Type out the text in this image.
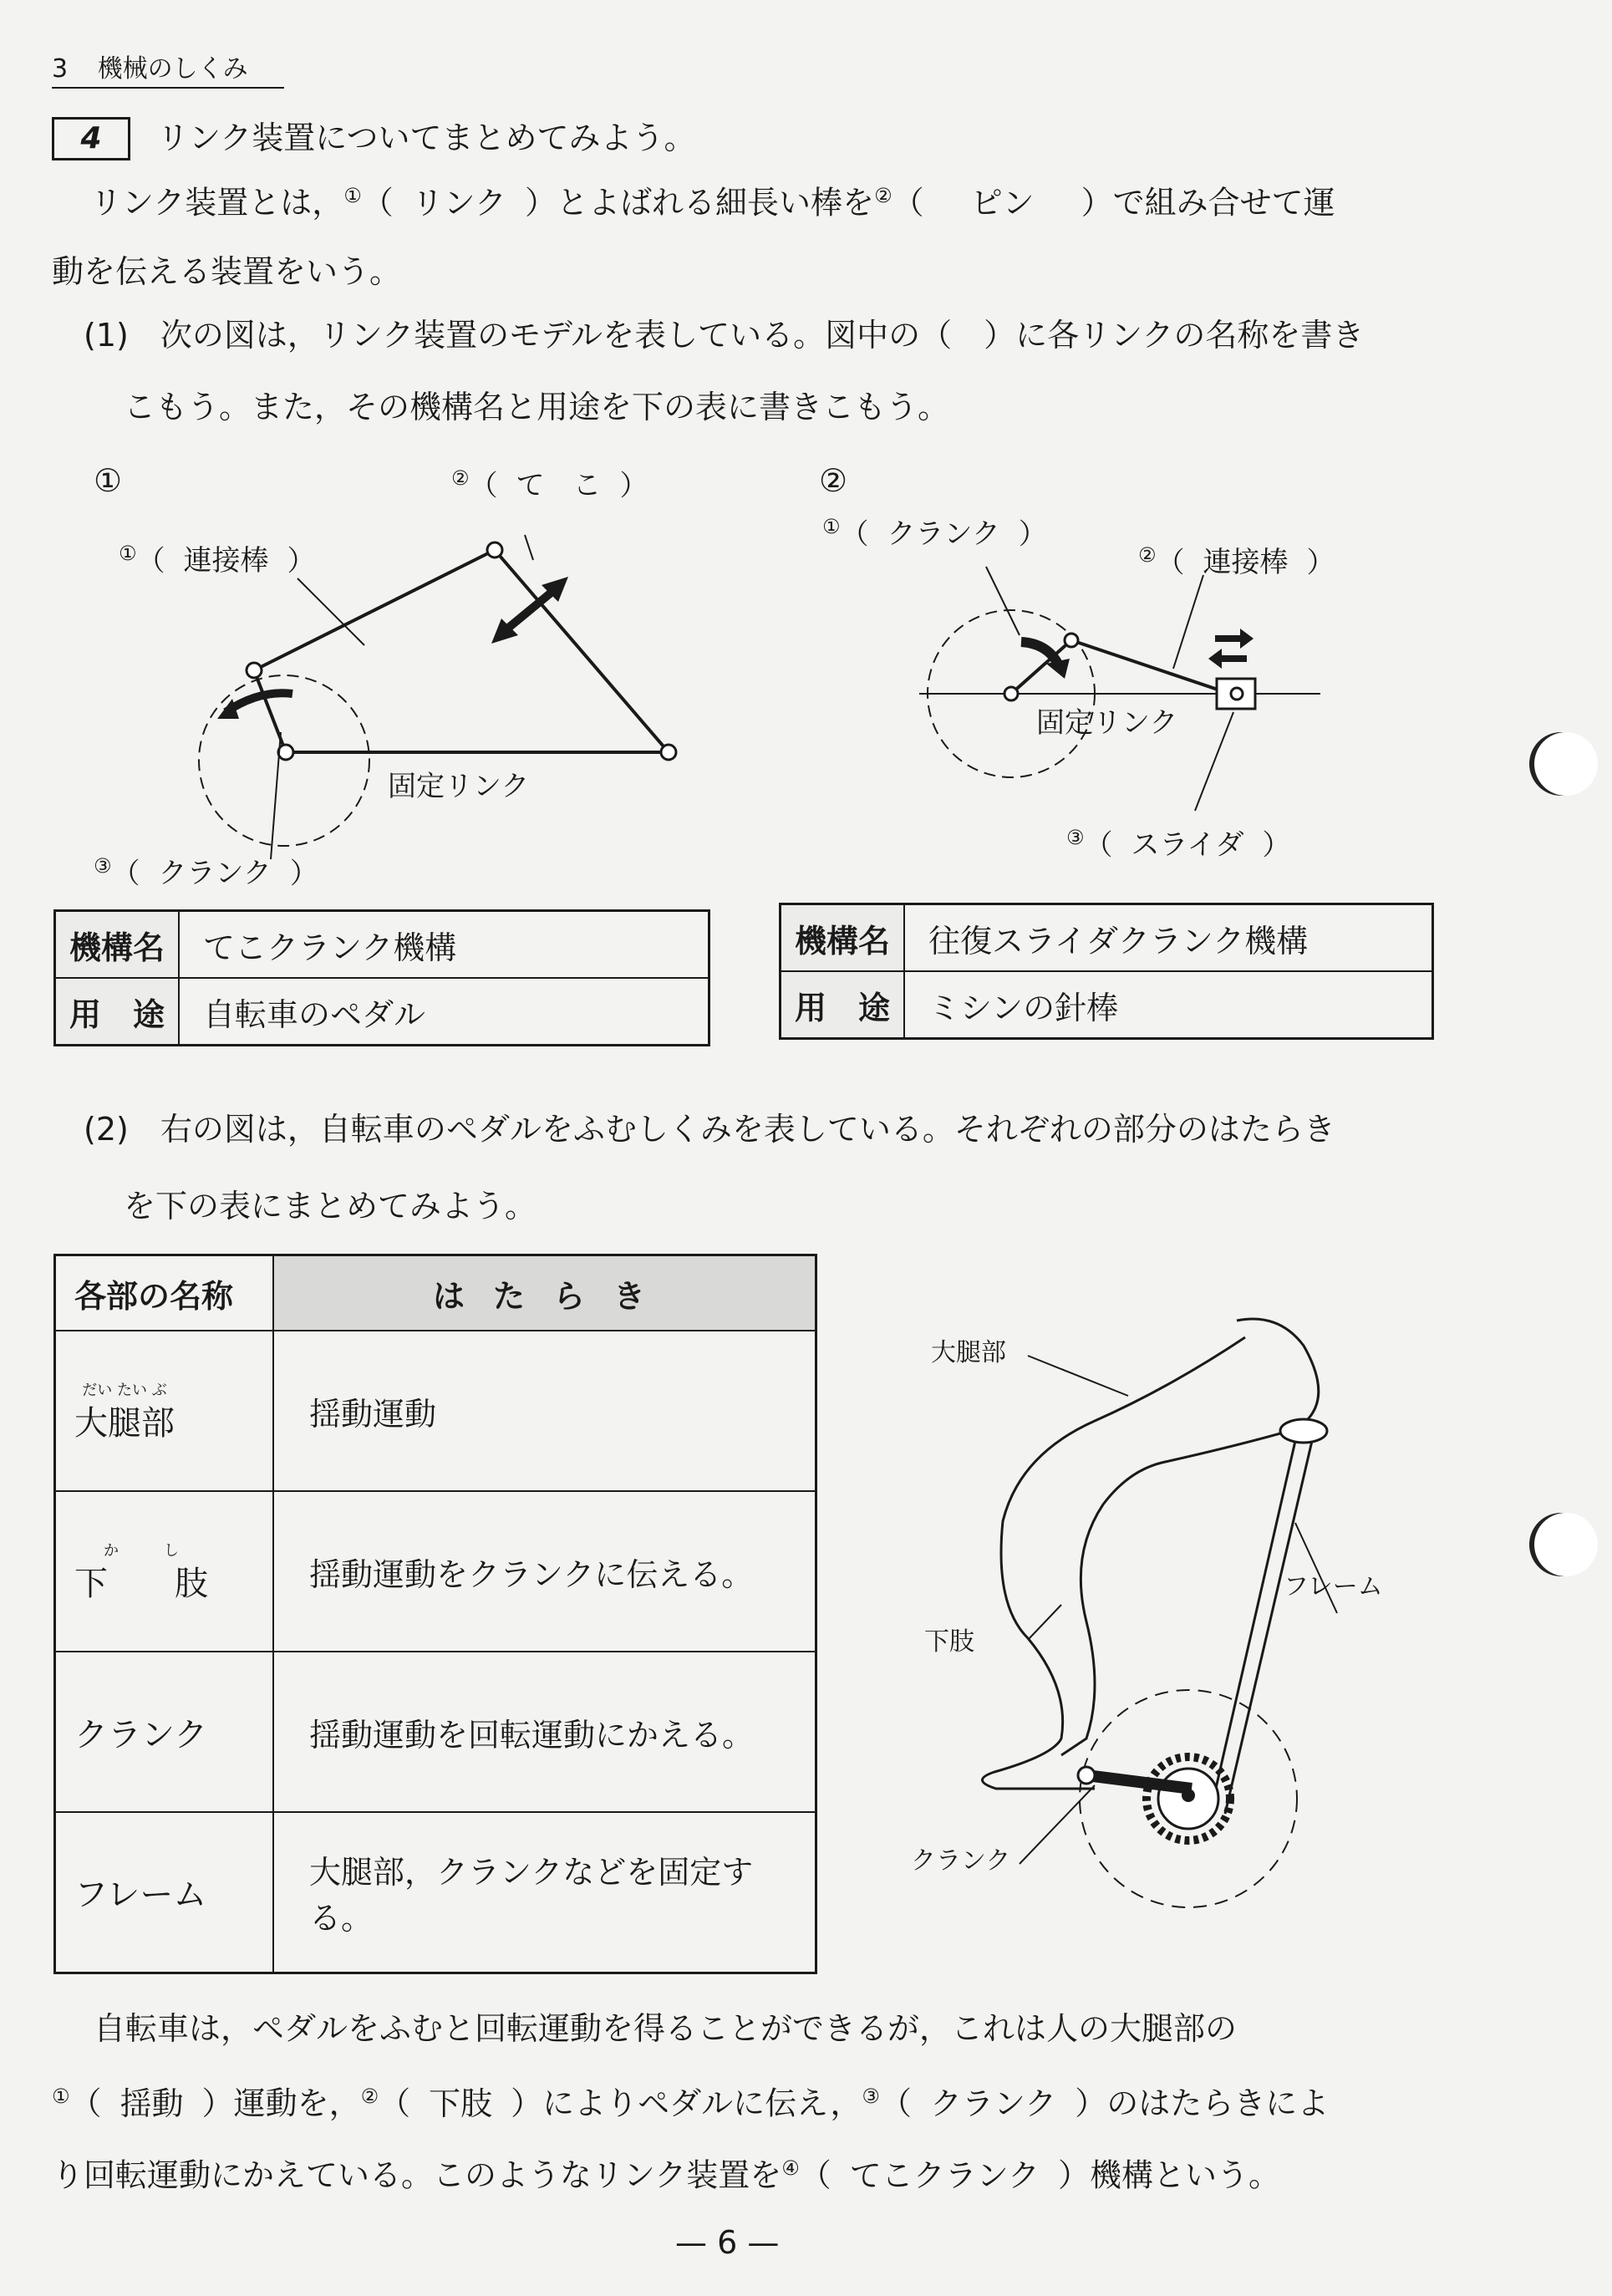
3 機械のしくみ
4	リンク装置についてまとめてみよう。
リンク装置とは，①（ リンク ）とよばれる細長い棒を②（ ピン ）で組み合せて運
動を伝える装置をいう。
(1)　次の図は，リンク装置のモデルを表している。図中の（　）に各リンクの名称を書き
こもう。また，その機構名と用途を下の表に書きこもう。
①
①（ 連接棒 ）
②（ て　こ ）
③（ クランク ）
固定リンク
②
①（ クランク ）
②（ 連接棒 ）
③（ スライダ ）
固定リンク
機構名	てこクランク機構
用　途	自転車のペダル
機構名	往復スライダクランク機構
用　途	ミシンの針棒
(2)　右の図は，自転車のペダルをふむしくみを表している。それぞれの部分のはたらき
を下の表にまとめてみよう。
各部の名称	はたらき

だい たい ぶ
大腿部	揺動運動

か　　　し
下　　肢	揺動運動をクランクに伝える。
クランク	揺動運動を回転運動にかえる。
フレーム	大腿部，クランクなどを固定す
る。
大腿部
下肢
フレーム
クランク
自転車は，ペダルをふむと回転運動を得ることができるが，これは人の大腿部の
①（ 揺動 ）運動を，②（ 下肢 ）によりペダルに伝え，③（ クランク ）のはたらきによ
り回転運動にかえている。このようなリンク装置を④（ てこクランク ）機構という。
— 6 —
